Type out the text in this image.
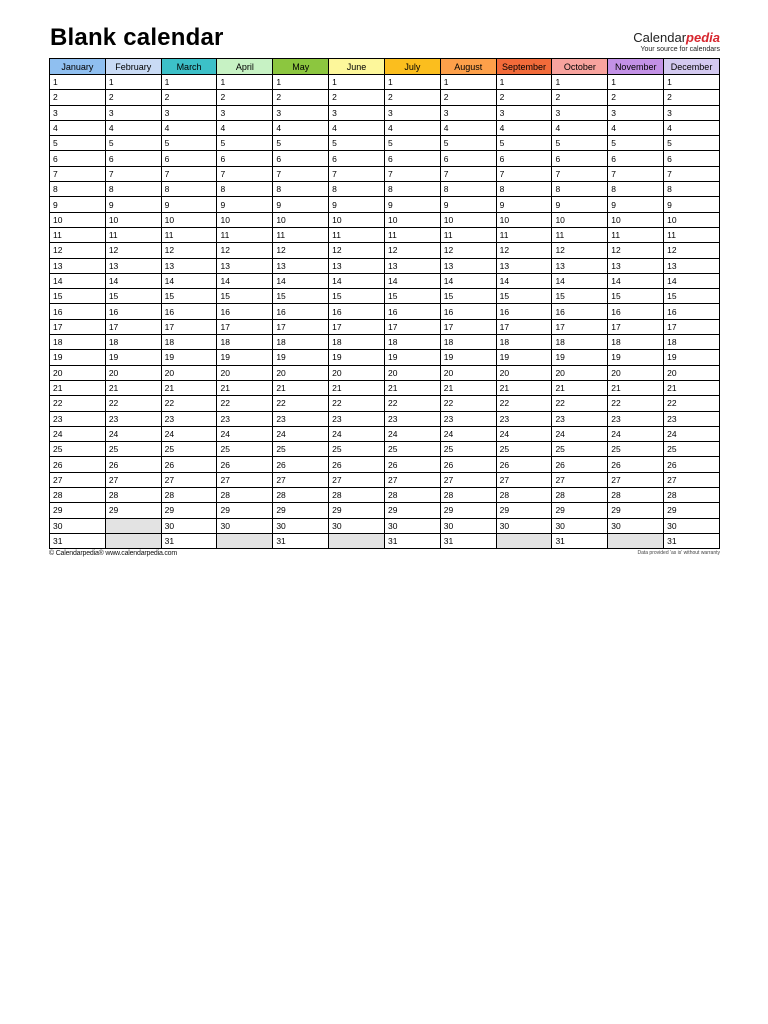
Blank calendar	Calendarpedia
Your source for calendars
January	February	March	April	May	June	July	August	September	October	November	December
1	1	1	1	1	1	1	1	1	1	1	1
2	2	2	2	2	2	2	2	2	2	2	2
3	3	3	3	3	3	3	3	3	3	3	3
4	4	4	4	4	4	4	4	4	4	4	4
5	5	5	5	5	5	5	5	5	5	5	5
6	6	6	6	6	6	6	6	6	6	6	6
7	7	7	7	7	7	7	7	7	7	7	7
8	8	8	8	8	8	8	8	8	8	8	8
9	9	9	9	9	9	9	9	9	9	9	9
10	10	10	10	10	10	10	10	10	10	10	10
11	11	11	11	11	11	11	11	11	11	11	11
12	12	12	12	12	12	12	12	12	12	12	12
13	13	13	13	13	13	13	13	13	13	13	13
14	14	14	14	14	14	14	14	14	14	14	14
15	15	15	15	15	15	15	15	15	15	15	15
16	16	16	16	16	16	16	16	16	16	16	16
17	17	17	17	17	17	17	17	17	17	17	17
18	18	18	18	18	18	18	18	18	18	18	18
19	19	19	19	19	19	19	19	19	19	19	19
20	20	20	20	20	20	20	20	20	20	20	20
21	21	21	21	21	21	21	21	21	21	21	21
22	22	22	22	22	22	22	22	22	22	22	22
23	23	23	23	23	23	23	23	23	23	23	23
24	24	24	24	24	24	24	24	24	24	24	24
25	25	25	25	25	25	25	25	25	25	25	25
26	26	26	26	26	26	26	26	26	26	26	26
27	27	27	27	27	27	27	27	27	27	27	27
28	28	28	28	28	28	28	28	28	28	28	28
29	29	29	29	29	29	29	29	29	29	29	29
30		30	30	30	30	30	30	30	30	30	30
31		31		31		31	31		31		31
© Calendarpedia® www.calendarpedia.com	Data provided 'as is' without warranty
